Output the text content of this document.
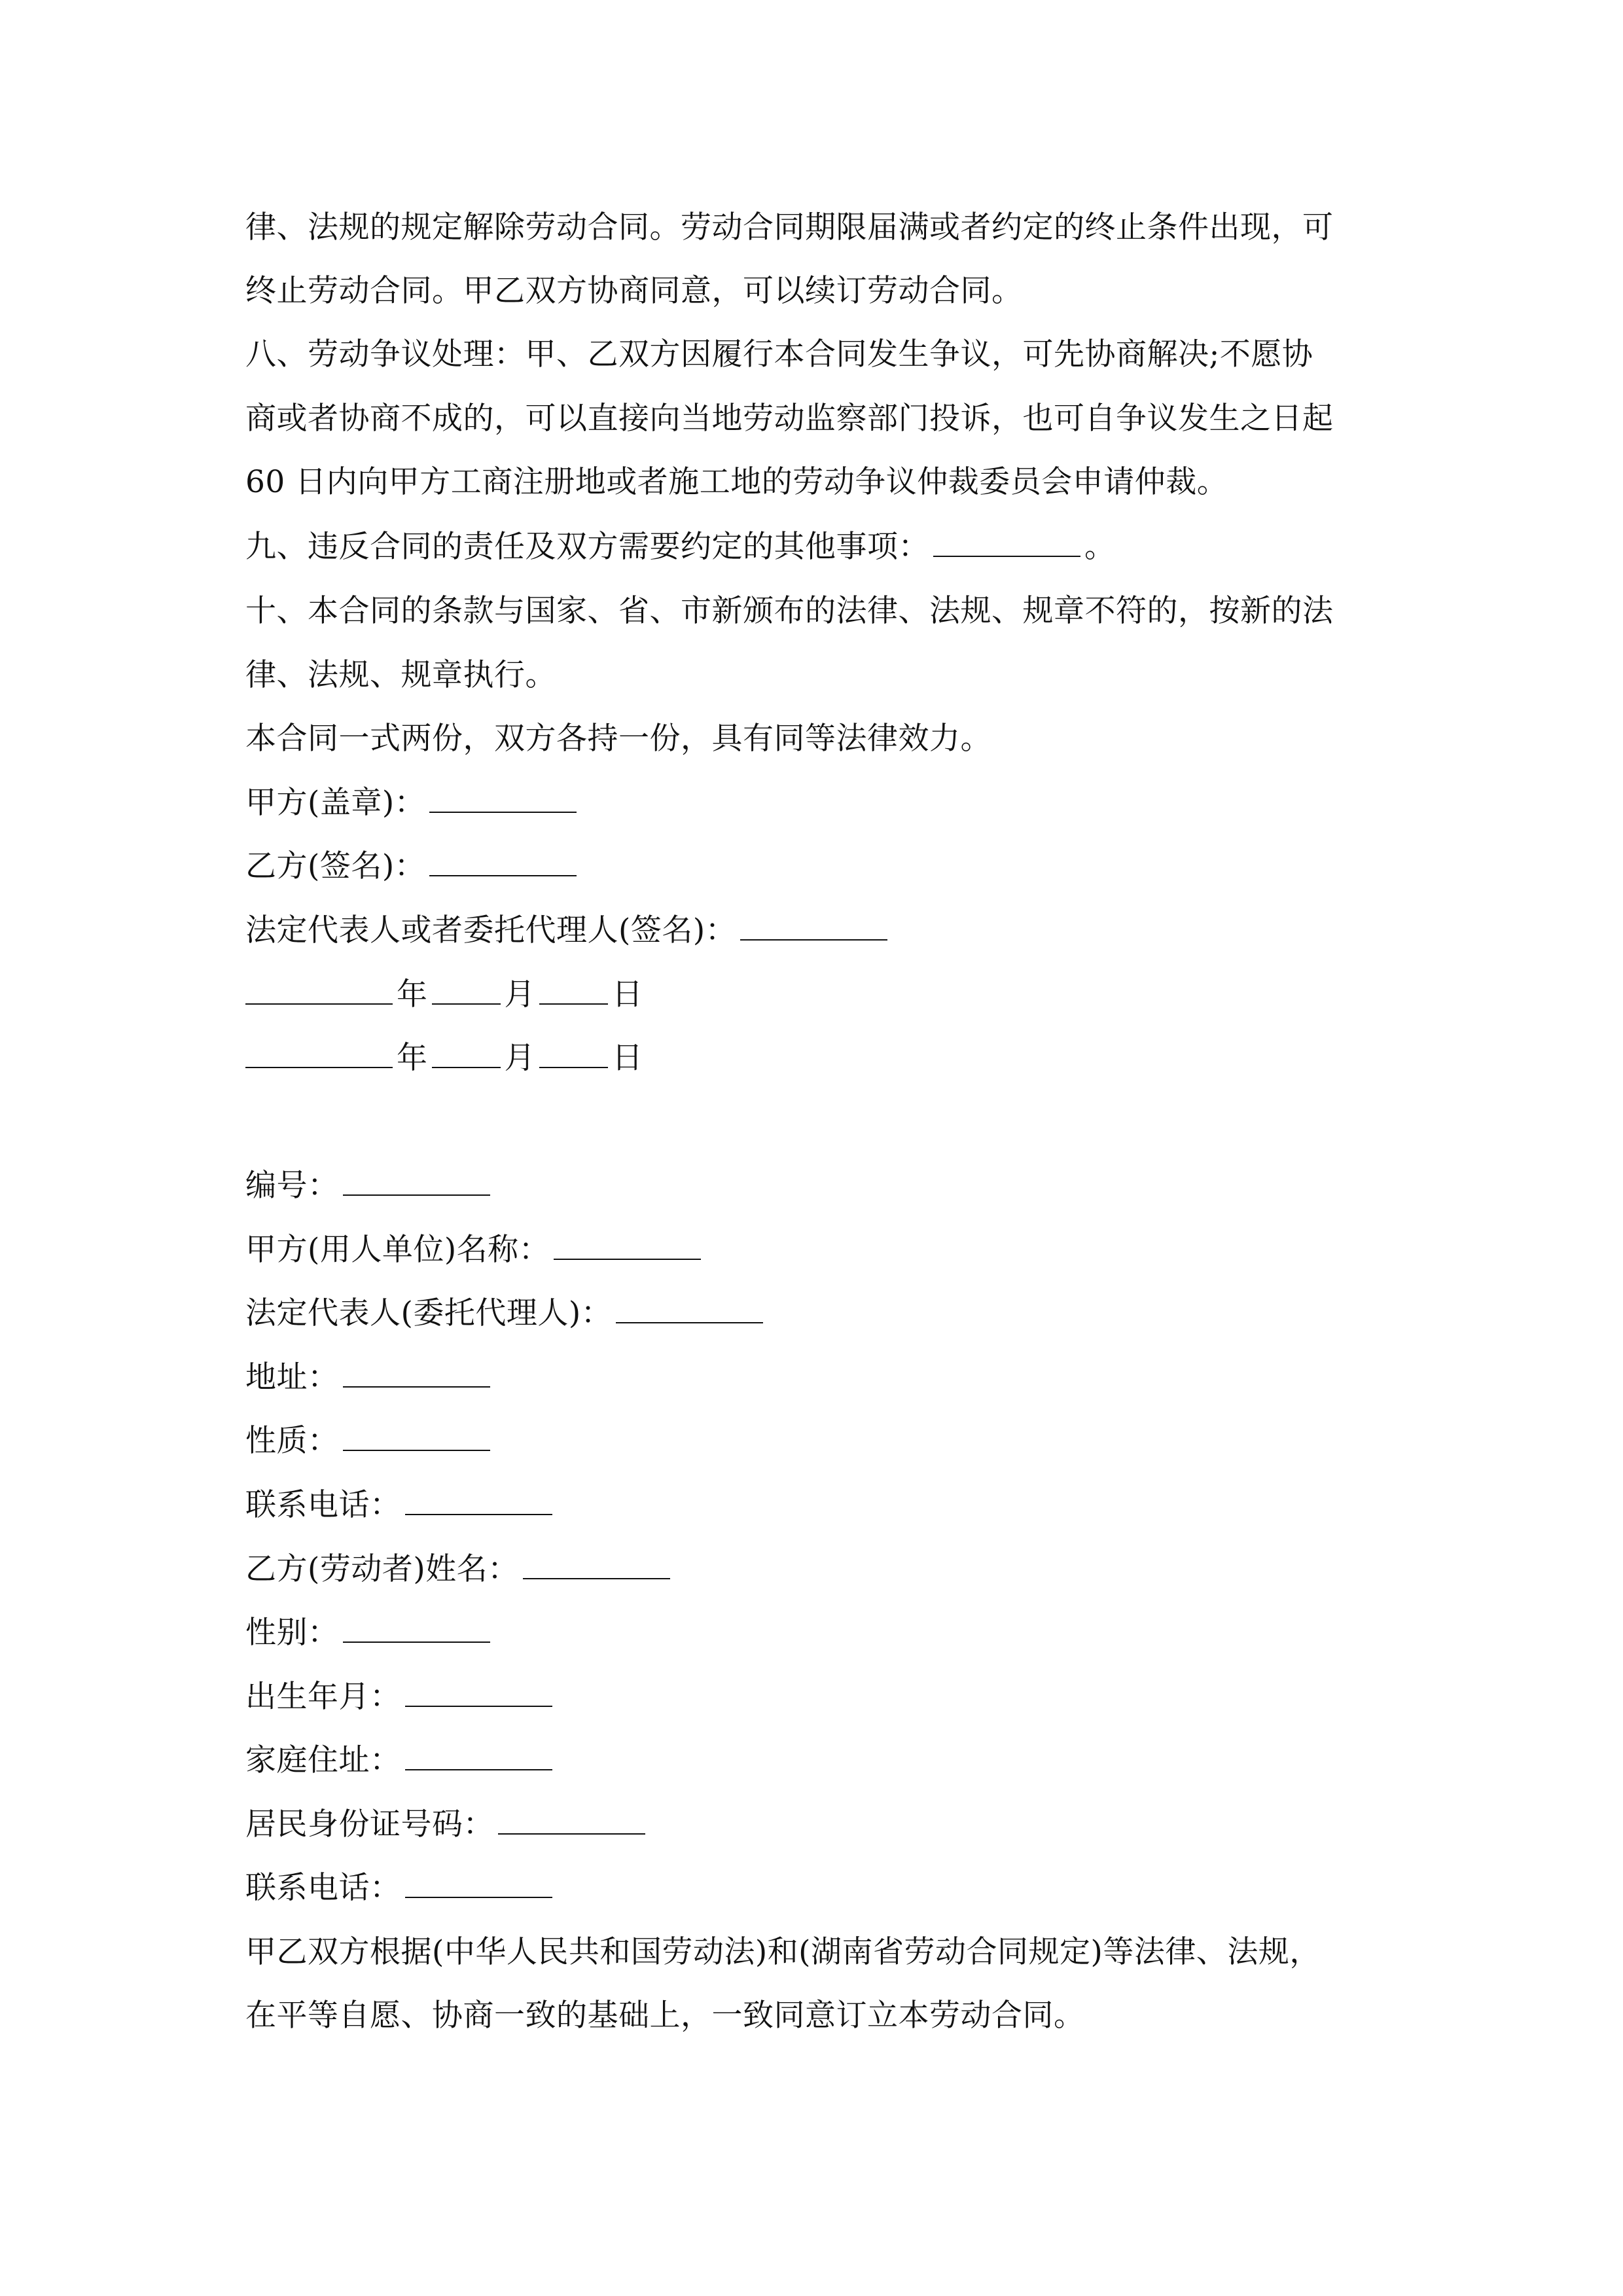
律、法规的规定解除劳动合同。劳动合同期限届满或者约定的终止条件出现，可
终止劳动合同。甲乙双方协商同意，可以续订劳动合同。
八、劳动争议处理：甲、乙双方因履行本合同发生争议，可先协商解决;不愿协
商或者协商不成的，可以直接向当地劳动监察部门投诉，也可自争议发生之日起
60 日内向甲方工商注册地或者施工地的劳动争议仲裁委员会申请仲裁。
九、违反合同的责任及双方需要约定的其他事项：	。
十、本合同的条款与国家、省、市新颁布的法律、法规、规章不符的，按新的法
律、法规、规章执行。
本合同一式两份，双方各持一份，具有同等法律效力。
甲方(盖章)：
乙方(签名)：
法定代表人或者委托代理人(签名)：
年 月 日
年 月 日
编号：
甲方(用人单位)名称：
法定代表人(委托代理人)：
地址：
性质：
联系电话：
乙方(劳动者)姓名：
性别：
出生年月：
家庭住址：
居民身份证号码：
联系电话：
甲乙双方根据(中华人民共和国劳动法)和(湖南省劳动合同规定)等法律、法规，
在平等自愿、协商一致的基础上，一致同意订立本劳动合同。
